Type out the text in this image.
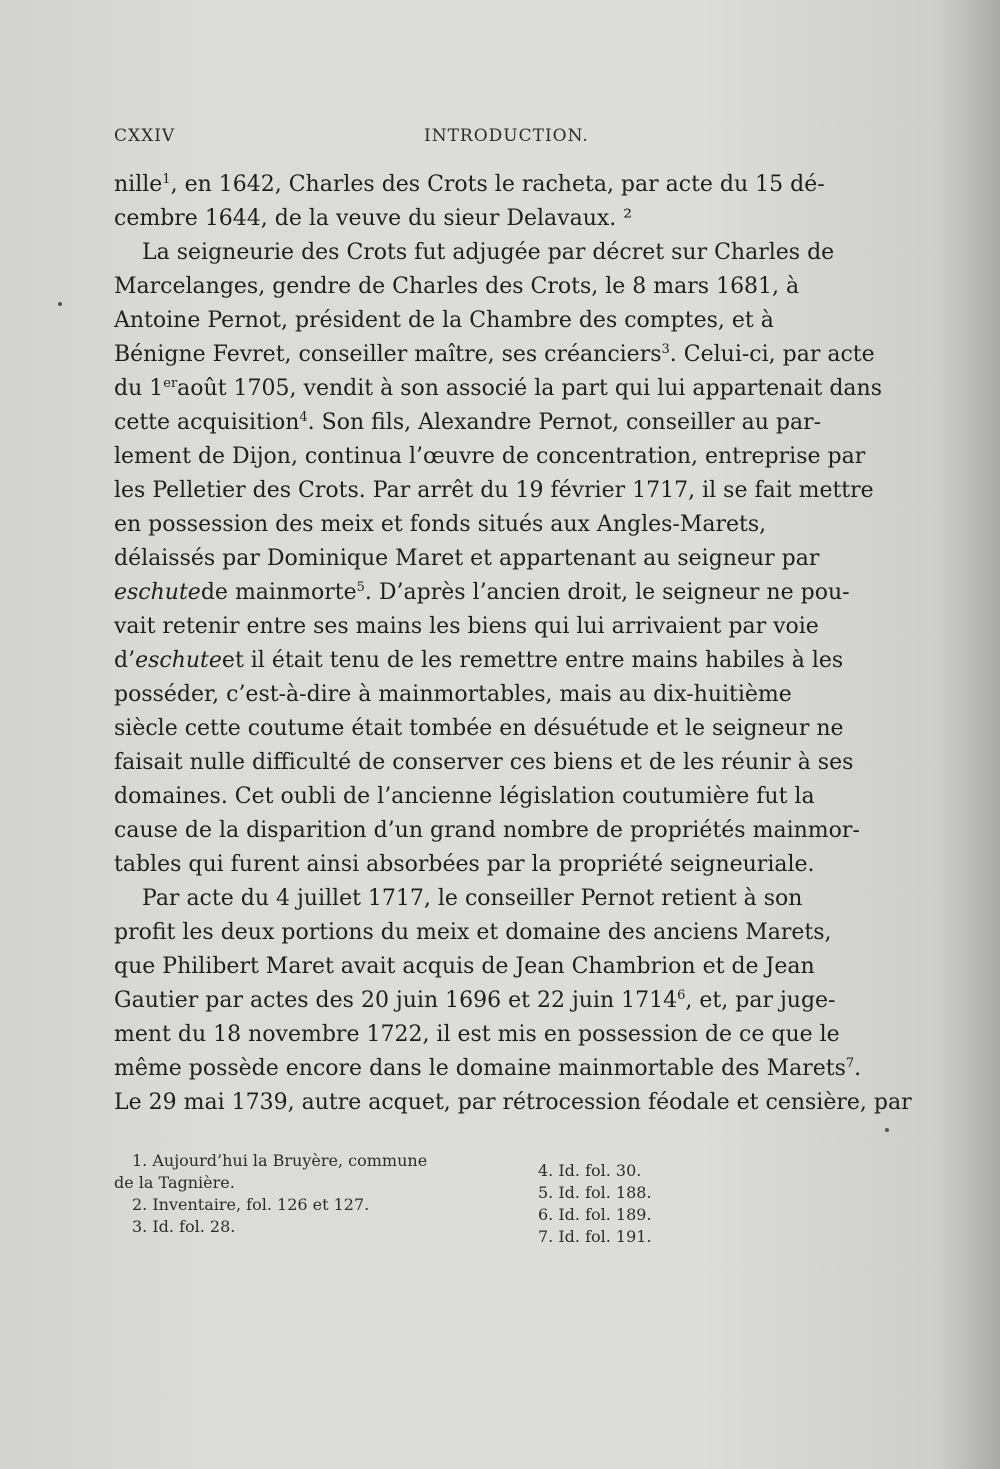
CXXIV	INTRODUCTION.
nille$^1$, en 1642, Charles des Crots le racheta, par acte du 15 dé-
cembre 1644, de la veuve du sieur Delavaux. ²
La seigneurie des Crots fut adjugée par décret sur Charles de
Marcelanges, gendre de Charles des Crots, le 8 mars 1681, à
Antoine Pernot, président de la Chambre des comptes, et à
Bénigne Fevret, conseiller maître, ses créanciers$^3$. Celui-ci, par acte
du 1eraoût 1705, vendit à son associé la part qui lui appartenait dans
cette acquisition$^4$. Son fils, Alexandre Pernot, conseiller au par-
lement de Dijon, continua l’œuvre de concentration, entreprise par
les Pelletier des Crots. Par arrêt du 19 février 1717, il se fait mettre
en possession des meix et fonds situés aux Angles-Marets,
délaissés par Dominique Maret et appartenant au seigneur par
eschutede mainmorte$^5$. D’après l’ancien droit, le seigneur ne pou-
vait retenir entre ses mains les biens qui lui arrivaient par voie
d’eschuteet il était tenu de les remettre entre mains habiles à les
posséder, c’est-à-dire à mainmortables, mais au dix-huitième
siècle cette coutume était tombée en désuétude et le seigneur ne
faisait nulle difficulté de conserver ces biens et de les réunir à ses
domaines. Cet oubli de l’ancienne législation coutumière fut la
cause de la disparition d’un grand nombre de propriétés mainmor-
tables qui furent ainsi absorbées par la propriété seigneuriale.
Par acte du 4 juillet 1717, le conseiller Pernot retient à son
profit les deux portions du meix et domaine des anciens Marets,
que Philibert Maret avait acquis de Jean Chambrion et de Jean
Gautier par actes des 20 juin 1696 et 22 juin 1714$^6$, et, par juge-
ment du 18 novembre 1722, il est mis en possession de ce que le
même possède encore dans le domaine mainmortable des Marets$^7$.
Le 29 mai 1739, autre acquet, par rétrocession féodale et censière, par
1. Aujourd’hui la Bruyère, commune
de la Tagnière.
2. Inventaire, fol. 126 et 127.
3. Id. fol. 28.
4. Id. fol. 30.
5. Id. fol. 188.
6. Id. fol. 189.
7. Id. fol. 191.
